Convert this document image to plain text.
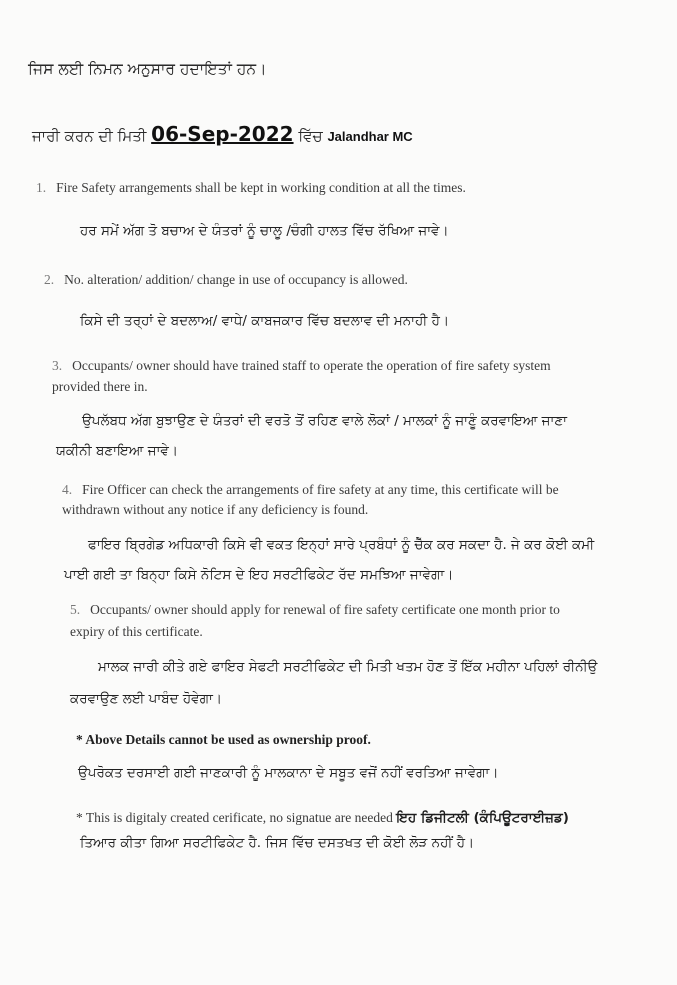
ਜਿਸ ਲਈ ਨਿਮਨ ਅਨੁਸਾਰ ਹਦਾਇਤਾਂ ਹਨ।
ਜਾਰੀ ਕਰਨ ਦੀ ਮਿਤੀ 06-Sep-2022 ਵਿੱਚ Jalandhar MC
1. Fire Safety arrangements shall be kept in working condition at all the times.
ਹਰ ਸਮੇਂ ਅੱਗ ਤੋ ਬਚਾਅ ਦੇ ਯੰਤਰਾਂ ਨੂੰ ਚਾਲੂ /ਚੰਗੀ ਹਾਲਤ ਵਿੱਚ ਰੱਖਿਆ ਜਾਵੇ।
2. No. alteration/ addition/ change in use of occupancy is allowed.
ਕਿਸੇ ਦੀ ਤਰ੍ਹਾਂ ਦੇ ਬਦਲਾਅ/ ਵਾਧੇ/ ਕਾਬਜਕਾਰ ਵਿੱਚ ਬਦਲਾਵ ਦੀ ਮਨਾਹੀ ਹੈ।
3. Occupants/ owner should have trained staff to operate the operation of fire safety system
provided there in.
ਉਪਲੱਬਧ ਅੱਗ ਬੁਝਾਉਣ ਦੇ ਯੰਤਰਾਂ ਦੀ ਵਰਤੋ ਤੋਂ ਰਹਿਣ ਵਾਲੇ ਲੋਕਾਂ / ਮਾਲਕਾਂ ਨੂੰ ਜਾਣੂੰ ਕਰਵਾਇਆ ਜਾਣਾ
ਯਕੀਨੀ ਬਣਾਇਆ ਜਾਵੇ।
4. Fire Officer can check the arrangements of fire safety at any time, this certificate will be
withdrawn without any notice if any deficiency is found.
ਫਾਇਰ ਬ੍ਰਿਗੇਡ ਅਧਿਕਾਰੀ ਕਿਸੇ ਵੀ ਵਕਤ ਇਨ੍ਹਾਂ ਸਾਰੇ ਪ੍ਰਬੰਧਾਂ ਨੂੰ ਚੈੱਕ ਕਰ ਸਕਦਾ ਹੈ. ਜੇ ਕਰ ਕੋਈ ਕਮੀ
ਪਾਈ ਗਈ ਤਾ ਬਿਨ੍ਹਾ ਕਿਸੇ ਨੋਟਿਸ ਦੇ ਇਹ ਸਰਟੀਫਿਕੇਟ ਰੱਦ ਸਮਝਿਆ ਜਾਵੇਗਾ।
5. Occupants/ owner should apply for renewal of fire safety certificate one month prior to
expiry of this certificate.
ਮਾਲਕ ਜਾਰੀ ਕੀਤੇ ਗਏ ਫਾਇਰ ਸੇਫਟੀ ਸਰਟੀਫਿਕੇਟ ਦੀ ਮਿਤੀ ਖਤਮ ਹੋਣ ਤੋਂ ਇੱਕ ਮਹੀਨਾ ਪਹਿਲਾਂ ਰੀਨੀਉ
ਕਰਵਾਉਣ ਲਈ ਪਾਬੰਦ ਹੋਵੇਗਾ।
* Above Details cannot be used as ownership proof.
ਉਪਰੋਕਤ ਦਰਸਾਈ ਗਈ ਜਾਣਕਾਰੀ ਨੂੰ ਮਾਲਕਾਨਾ ਦੇ ਸਬੂਤ ਵਜੋਂ ਨਹੀਂ ਵਰਤਿਆ ਜਾਵੇਗਾ।
* This is digitaly created cerificate, no signatue are needed ਇਹ ਡਿਜੀਟਲੀ (ਕੰਪਿਊਟਰਾਈਜ਼ਡ)
ਤਿਆਰ ਕੀਤਾ ਗਿਆ ਸਰਟੀਫਿਕੇਟ ਹੈ. ਜਿਸ ਵਿੱਚ ਦਸਤਖਤ ਦੀ ਕੋਈ ਲੋੜ ਨਹੀਂ ਹੈ।
